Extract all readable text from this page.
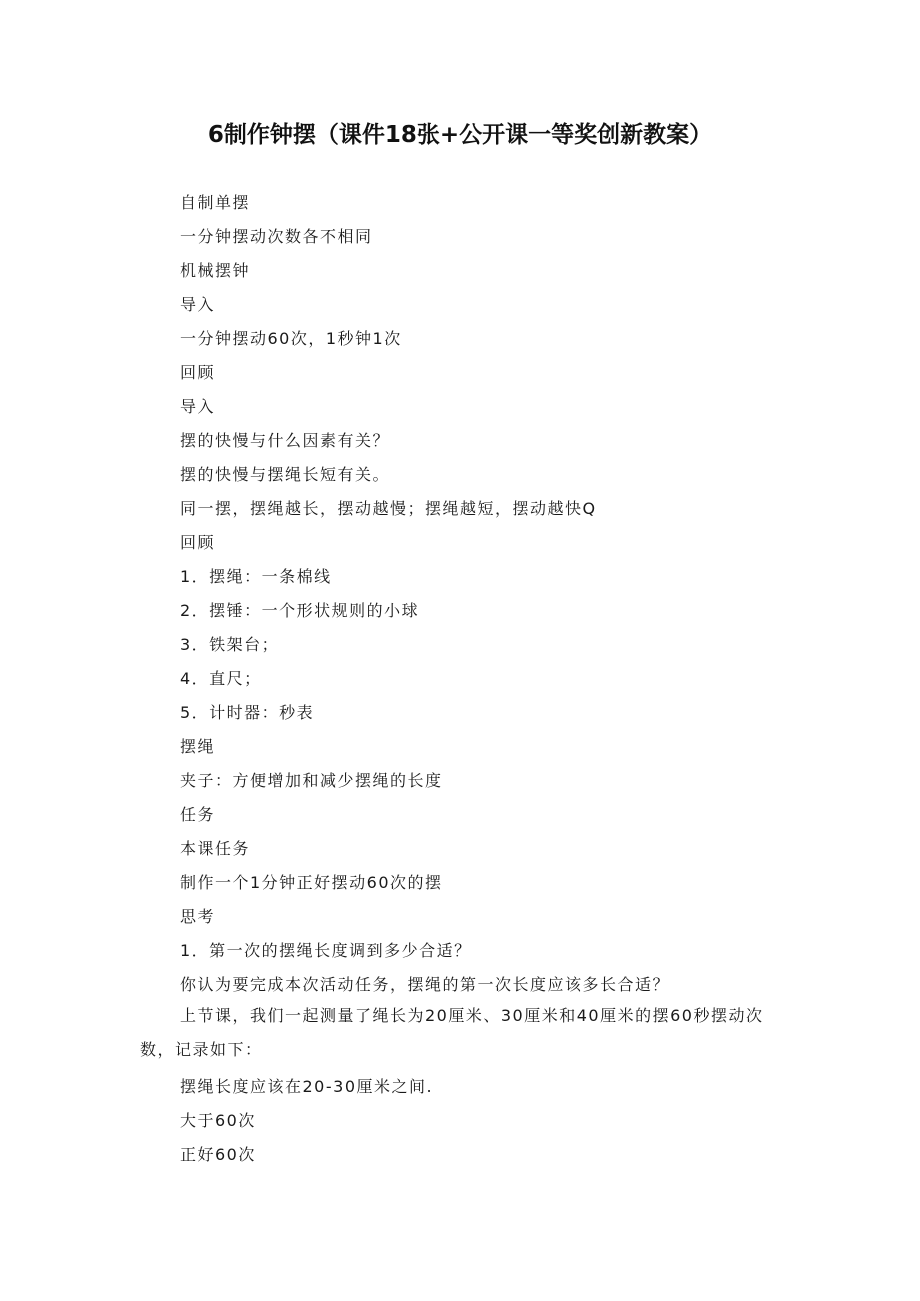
6制作钟摆（课件18张+公开课一等奖创新教案）
自制单摆
一分钟摆动次数各不相同
机械摆钟
导入
一分钟摆动60次，1秒钟1次
回顾
导入
摆的快慢与什么因素有关？
摆的快慢与摆绳长短有关。
同一摆，摆绳越长，摆动越慢；摆绳越短，摆动越快Q
回顾
1．摆绳：一条棉线
2．摆锤：一个形状规则的小球
3．铁架台；
4．直尺；
5．计时器：秒表
摆绳
夹子：方便增加和减少摆绳的长度
任务
本课任务
制作一个1分钟正好摆动60次的摆
思考
1．第一次的摆绳长度调到多少合适？
你认为要完成本次活动任务，摆绳的第一次长度应该多长合适？
上节课，我们一起测量了绳长为20厘米、30厘米和40厘米的摆60秒摆动次数，记录如下：
摆绳长度应该在20-30厘米之间.
大于60次
正好60次
